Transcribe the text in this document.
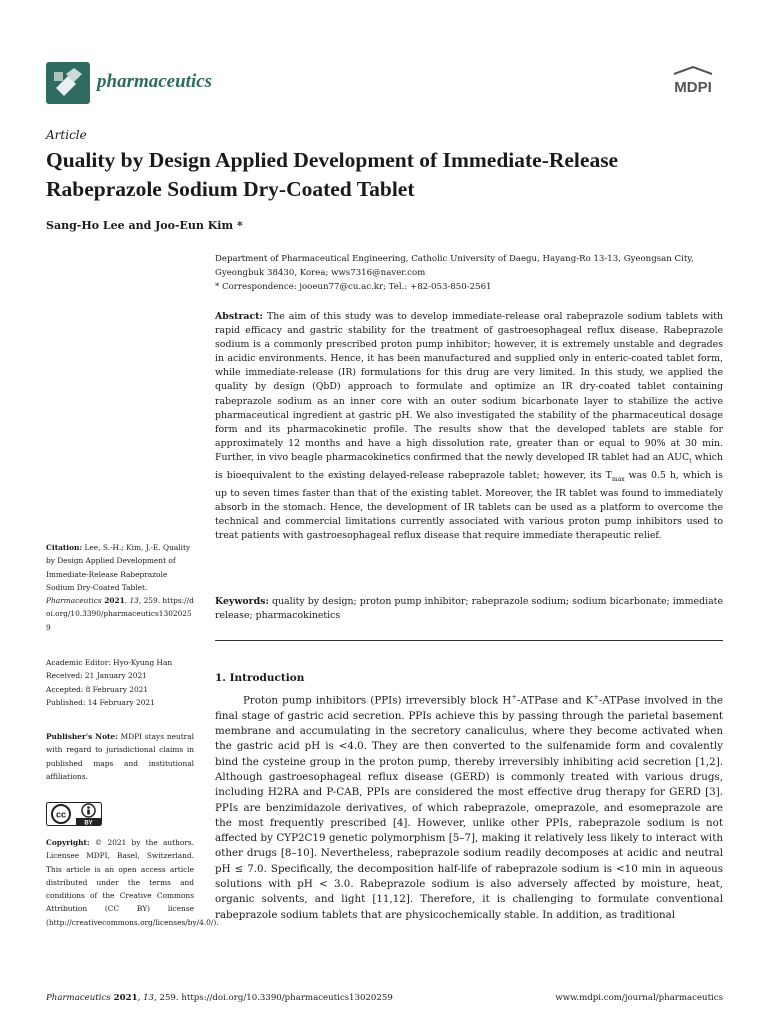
pharmaceutics	MDPI
Article
Quality by Design Applied Development of Immediate-Release Rabeprazole Sodium Dry-Coated Tablet
Sang-Ho Lee and Joo-Eun Kim *
Department of Pharmaceutical Engineering, Catholic University of Daegu, Hayang-Ro 13-13, Gyeongsan City, Gyeongbuk 38430, Korea; wws7316@naver.com
* Correspondence: jooeun77@cu.ac.kr; Tel.: +82-053-850-2561
Abstract: The aim of this study was to develop immediate-release oral rabeprazole sodium tablets with rapid efficacy and gastric stability for the treatment of gastroesophageal reflux disease. Rabeprazole sodium is a commonly prescribed proton pump inhibitor; however, it is extremely unstable and degrades in acidic environments. Hence, it has been manufactured and supplied only in enteric-coated tablet form, while immediate-release (IR) formulations for this drug are very limited. In this study, we applied the quality by design (QbD) approach to formulate and optimize an IR dry-coated tablet containing rabeprazole sodium as an inner core with an outer sodium bicarbonate layer to stabilize the active pharmaceutical ingredient at gastric pH. We also investigated the stability of the pharmaceutical dosage form and its pharmacokinetic profile. The results show that the developed tablets are stable for approximately 12 months and have a high dissolution rate, greater than or equal to 90% at 30 min. Further, in vivo beagle pharmacokinetics confirmed that the newly developed IR tablet had an $AUC_t$ which is bioequivalent to the existing delayed-release rabeprazole tablet; however, its $T_{max}$ was 0.5 h, which is up to seven times faster than that of the existing tablet. Moreover, the IR tablet was found to immediately absorb in the stomach. Hence, the development of IR tablets can be used as a platform to overcome the technical and commercial limitations currently associated with various proton pump inhibitors used to treat patients with gastroesophageal reflux disease that require immediate therapeutic relief.
Keywords: quality by design; proton pump inhibitor; rabeprazole sodium; sodium bicarbonate; immediate release; pharmacokinetics
Citation: Lee, S.-H.; Kim, J.-E. Quality by Design Applied Development of Immediate-Release Rabeprazole Sodium Dry-Coated Tablet. Pharmaceutics 2021, 13, 259. https://doi.org/10.3390/pharmaceutics13020259
Academic Editor: Hyo-Kyung Han
Received: 21 January 2021
Accepted: 8 February 2021
Published: 14 February 2021
Publisher's Note: MDPI stays neutral with regard to jurisdictional claims in published maps and institutional affiliations.
cc
BY
Copyright: © 2021 by the authors. Licensee MDPI, Basel, Switzerland. This article is an open access article distributed under the terms and conditions of the Creative Commons Attribution (CC BY) license (http://creativecommons.org/licenses/by/4.0/).
1. Introduction
Proton pump inhibitors (PPIs) irreversibly block H+-ATPase and K+-ATPase involved in the final stage of gastric acid secretion. PPIs achieve this by passing through the parietal basement membrane and accumulating in the secretory canaliculus, where they become activated when the gastric acid pH is <4.0. They are then converted to the sulfenamide form and covalently bind the cysteine group in the proton pump, thereby irreversibly inhibiting acid secretion [1,2]. Although gastroesophageal reflux disease (GERD) is commonly treated with various drugs, including H2RA and P-CAB, PPIs are considered the most effective drug therapy for GERD [3]. PPIs are benzimidazole derivatives, of which rabeprazole, omeprazole, and esomeprazole are the most frequently prescribed [4]. However, unlike other PPIs, rabeprazole sodium is not affected by CYP2C19 genetic polymorphism [5–7], making it relatively less likely to interact with other drugs [8–10]. Nevertheless, rabeprazole sodium readily decomposes at acidic and neutral pH ≤ 7.0. Specifically, the decomposition half-life of rabeprazole sodium is <10 min in aqueous solutions with pH < 3.0. Rabeprazole sodium is also adversely affected by moisture, heat, organic solvents, and light [11,12]. Therefore, it is challenging to formulate conventional rabeprazole sodium tablets that are physicochemically stable. In addition, as traditional
Pharmaceutics 2021, 13, 259. https://doi.org/10.3390/pharmaceutics13020259	www.mdpi.com/journal/pharmaceutics
